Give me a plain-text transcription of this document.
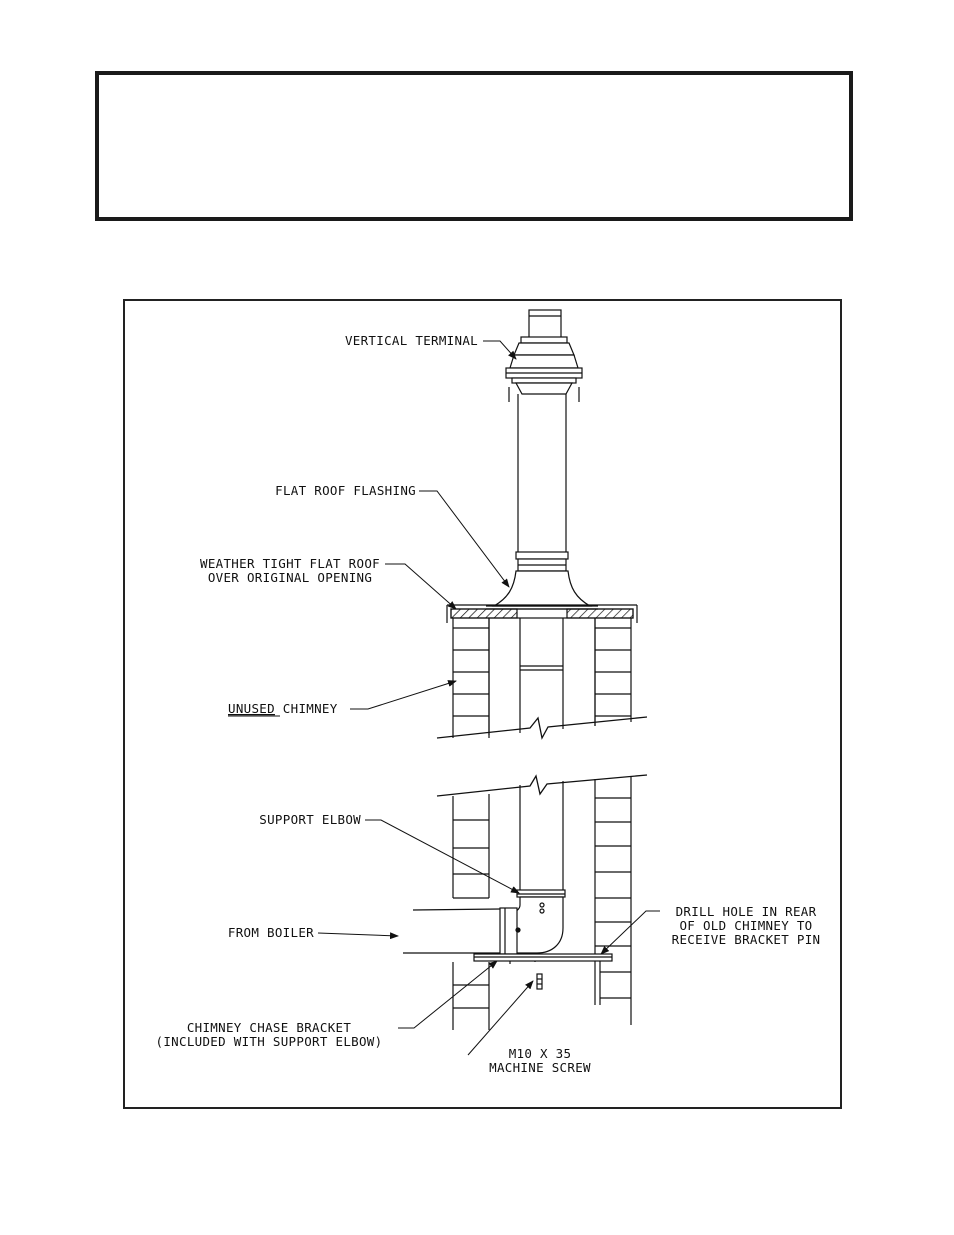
VERTICAL TERMINAL
FLAT ROOF FLASHING
WEATHER TIGHT FLAT ROOF
OVER ORIGINAL OPENING
UNUSED CHIMNEY
SUPPORT ELBOW
FROM BOILER
DRILL HOLE IN REAR
OF OLD CHIMNEY TO
RECEIVE BRACKET PIN
CHIMNEY CHASE BRACKET
(INCLUDED WITH SUPPORT ELBOW)
M10 X 35
MACHINE SCREW
